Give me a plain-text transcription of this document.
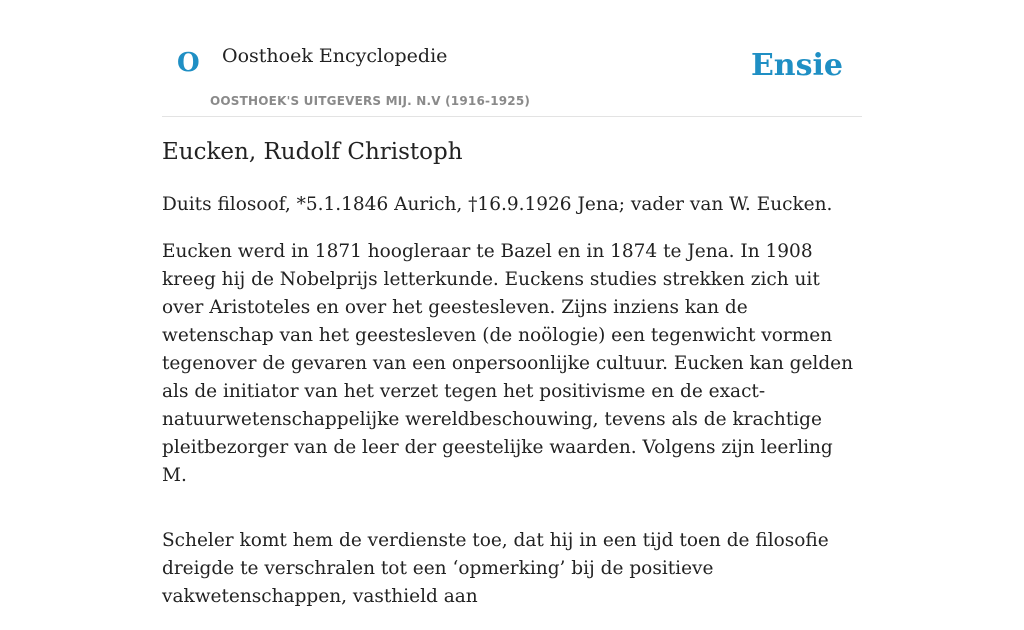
O Oosthoek Encyclopedie
OOSTHOEK'S UITGEVERS MIJ. N.V (1916-1925)
Ensie
Eucken, Rudolf Christoph

Duits filosoof, *5.1.1846 Aurich, †16.9.1926 Jena; vader van W. Eucken.

Eucken werd in 1871 hoogleraar te Bazel en in 1874 te Jena. In 1908 kreeg hij de Nobelprijs letterkunde. Euckens studies strekken zich uit over Aristoteles en over het geestesleven. Zijns inziens kan de wetenschap van het geestesleven (de noölogie) een tegenwicht vormen tegenover de gevaren van een onpersoonlijke cultuur. Eucken kan gelden als de initiator van het verzet tegen het positivisme en de exact-natuurwetenschappelijke wereldbeschouwing, tevens als de krachtige pleitbezorger van de leer der geestelijke waarden. Volgens zijn leerling M.

Scheler komt hem de verdienste toe, dat hij in een tijd toen de filosofie dreigde te verschralen tot een ‘opmerking’ bij de positieve vakwetenschappen, vasthield aan
